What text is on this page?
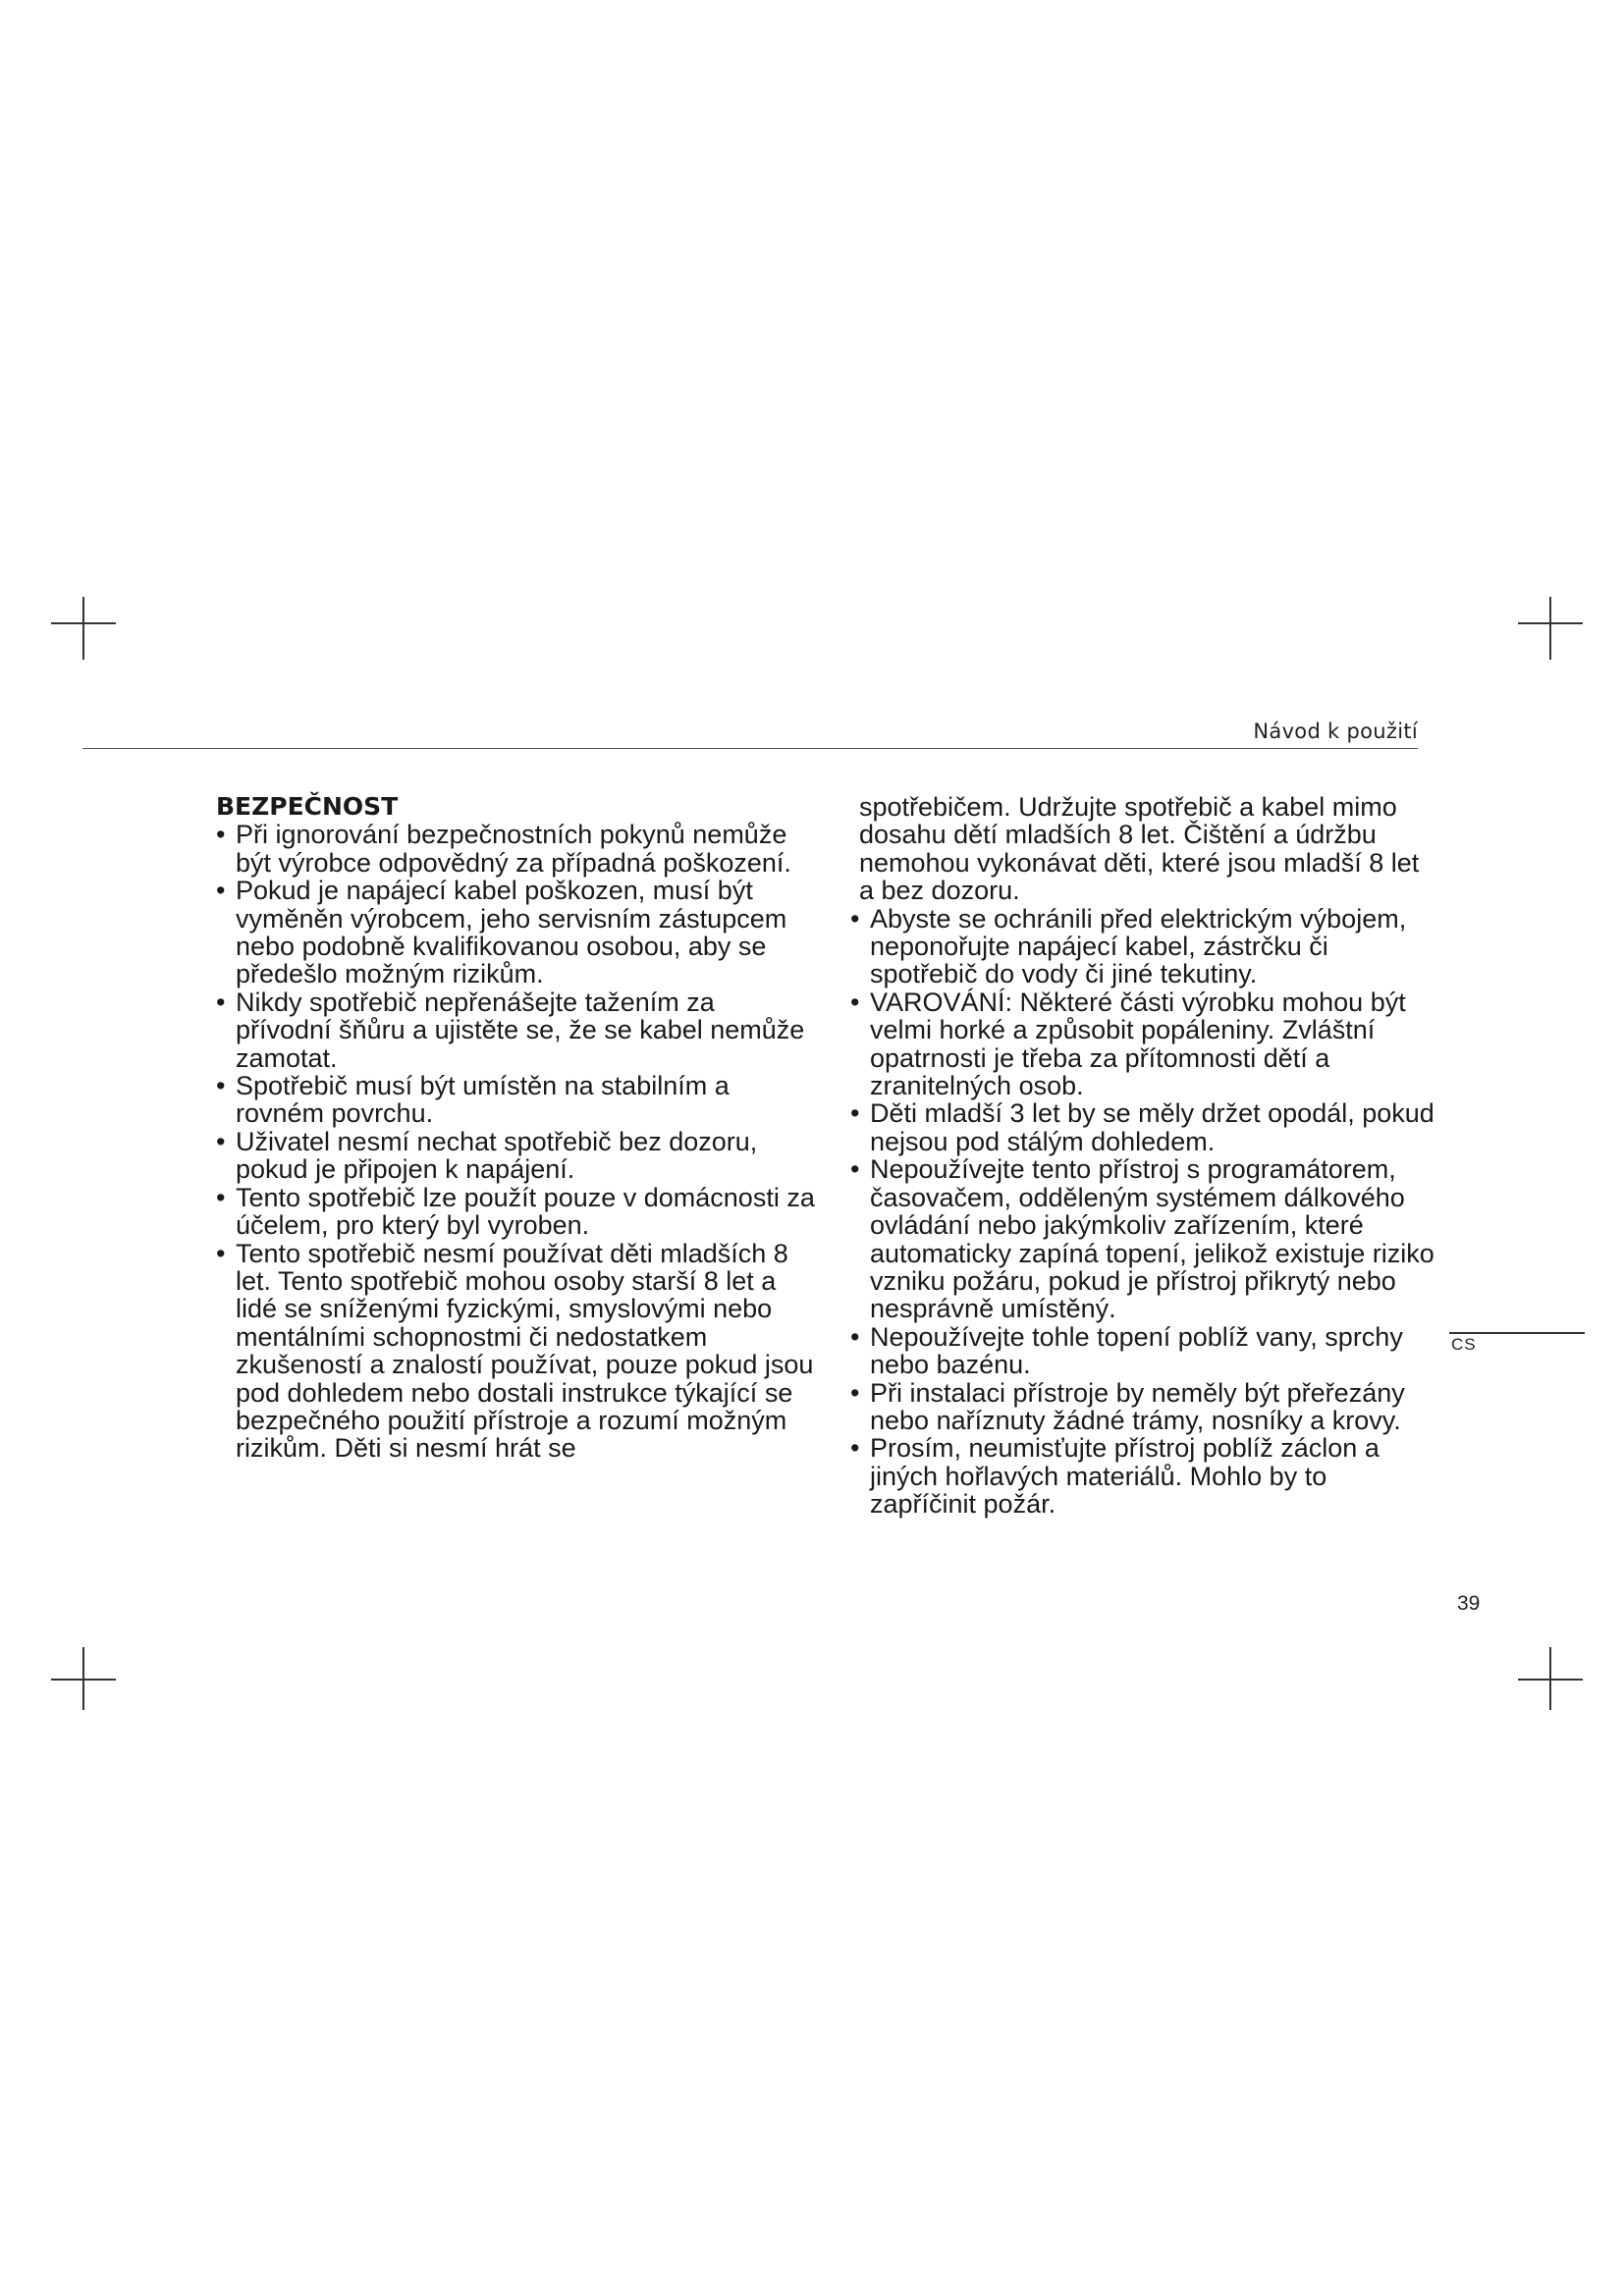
Návod k použití

BEZPEČNOST

• Při ignorování bezpečnostních pokynů nemůže být výrobce odpovědný za případná poškození.
• Pokud je napájecí kabel poškozen, musí být vyměněn výrobcem, jeho servisním zástupcem nebo podobně kvalifikovanou osobou, aby se předešlo možným rizikům.
• Nikdy spotřebič nepřenášejte tažením za přívodní šňůru a ujistěte se, že se kabel nemůže zamotat.
• Spotřebič musí být umístěn na stabilním a rovném povrchu.
• Uživatel nesmí nechat spotřebič bez dozoru, pokud je připojen k napájení.
• Tento spotřebič lze použít pouze v domácnosti za účelem, pro který byl vyroben.
• Tento spotřebič nesmí používat děti mladších 8 let. Tento spotřebič mohou osoby starší 8 let a lidé se sníženými fyzickými, smyslovými nebo mentálními schopnostmi či nedostatkem zkušeností a znalostí používat, pouze pokud jsou pod dohledem nebo dostali instrukce týkající se bezpečného použití přístroje a rozumí možným rizikům. Děti si nesmí hrát se
spotřebičem. Udržujte spotřebič a kabel mimo dosahu dětí mladších 8 let. Čištění a údržbu nemohou vykonávat děti, které jsou mladší 8 let a bez dozoru.
• Abyste se ochránili před elektrickým výbojem, neponořujte napájecí kabel, zástrčku či spotřebič do vody či jiné tekutiny.
• VAROVÁNÍ: Některé části výrobku mohou být velmi horké a způsobit popáleniny. Zvláštní opatrnosti je třeba za přítomnosti dětí a zranitelných osob.
• Děti mladší 3 let by se měly držet opodál, pokud nejsou pod stálým dohledem.
• Nepoužívejte tento přístroj s programátorem, časovačem, odděleným systémem dálkového ovládání nebo jakýmkoliv zařízením, které automaticky zapíná topení, jelikož existuje riziko vzniku požáru, pokud je přístroj přikrytý nebo nesprávně umístěný.
• Nepoužívejte tohle topení poblíž vany, sprchy nebo bazénu.
• Při instalaci přístroje by neměly být přeřezány nebo naříznuty žádné trámy, nosníky a krovy.
• Prosím, neumisťujte přístroj poblíž záclon a jiných hořlavých materiálů. Mohlo by to zapříčinit požár.
CS
39
